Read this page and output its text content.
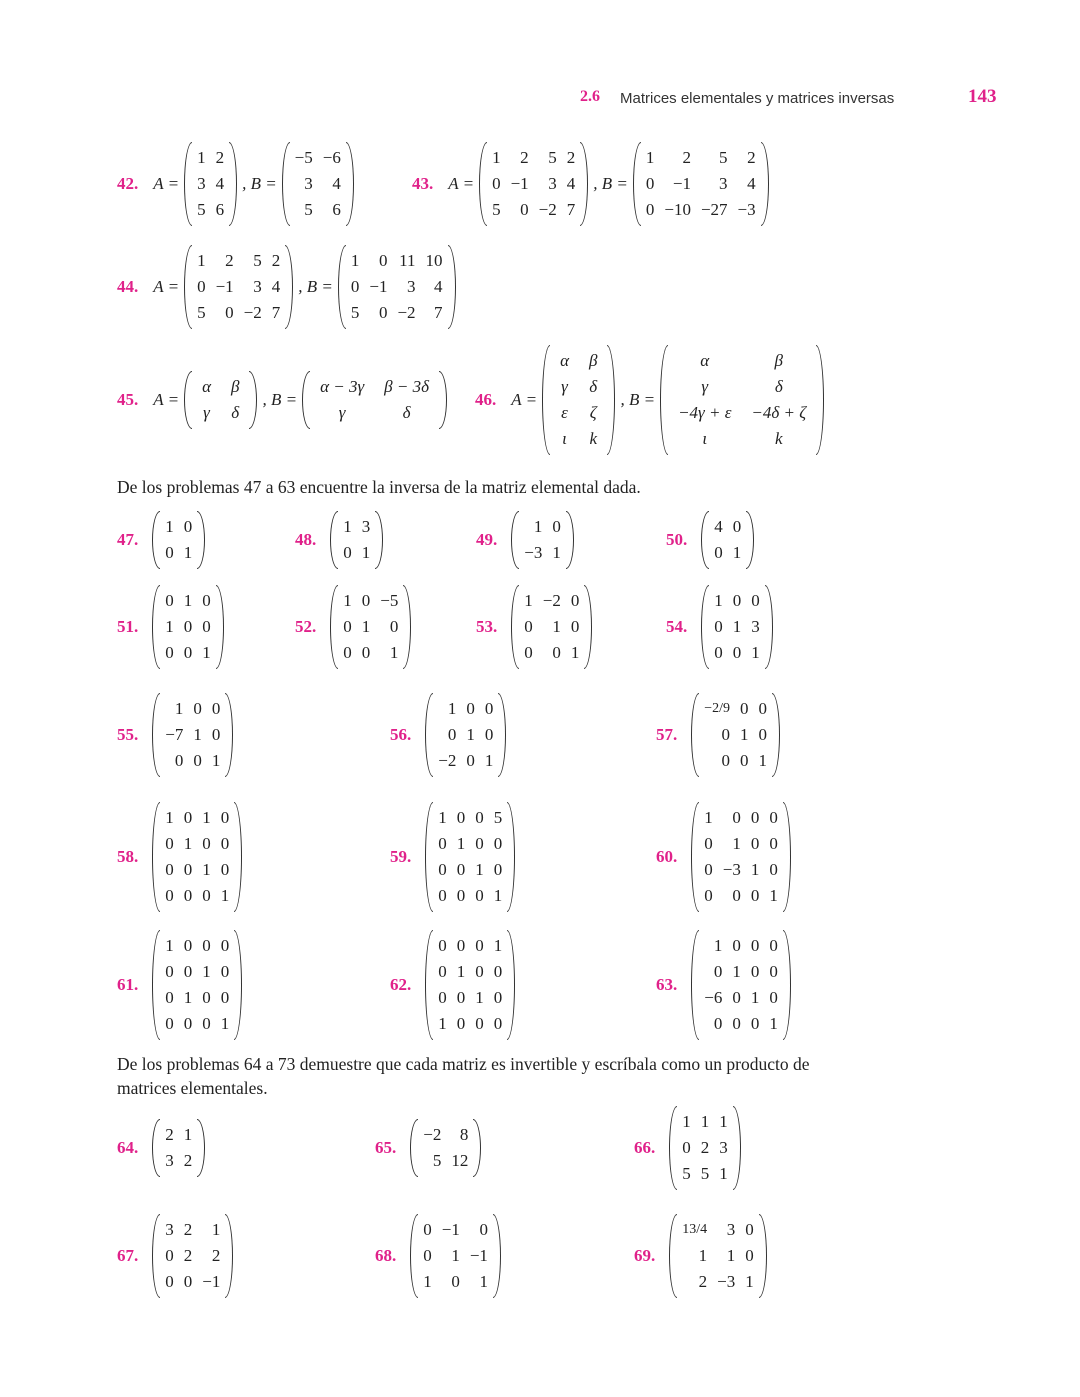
2.6 Matrices elementales y matrices inversas	143
De los problemas 47 a 63 encuentre la inversa de la matriz elemental dada.
De los problemas 64 a 73 demuestre que cada matriz es invertible y escríbala como un producto de matrices elementales.
42. A =
1	2
3	4
5	6
, B =
−5	−6
3	4
5	6
43. A =
1	2	5	2
0	−1	3	4
5	0	−2	7
, B =
1	2	5	2
0	−1	3	4
0	−10	−27	−3
44. A =
1	2	5	2
0	−1	3	4
5	0	−2	7
, B =
1	0	11	10
0	−1	3	4
5	0	−2	7
45. A =
α	β
γ	δ
, B =
α − 3γ	β − 3δ
γ	δ
46. A =
α	β
γ	δ
ε	ζ
ι	k
, B =
α	β
γ	δ
−4γ + ε	−4δ + ζ
ι	k
47.
1	0
0	1
48.
1	3
0	1
49.
1	0
−3	1
50.
4	0
0	1
51.
0	1	0
1	0	0
0	0	1
52.
1	0	−5
0	1	0
0	0	1
53.
1	−2	0
0	1	0
0	0	1
54.
1	0	0
0	1	3
0	0	1
55.
1	0	0
−7	1	0
0	0	1
56.
1	0	0
0	1	0
−2	0	1
57.
−2/9	0	0
0	1	0
0	0	1
58.
1	0	1	0
0	1	0	0
0	0	1	0
0	0	0	1
59.
1	0	0	5
0	1	0	0
0	0	1	0
0	0	0	1
60.
1	0	0	0
0	1	0	0
0	−3	1	0
0	0	0	1
61.
1	0	0	0
0	0	1	0
0	1	0	0
0	0	0	1
62.
0	0	0	1
0	1	0	0
0	0	1	0
1	0	0	0
63.
1	0	0	0
0	1	0	0
−6	0	1	0
0	0	0	1
64.
2	1
3	2
65.
−2	8
5	12
66.
1	1	1
0	2	3
5	5	1
67.
3	2	1
0	2	2
0	0	−1
68.
0	−1	0
0	1	−1
1	0	1
69.
13/4	3	0
1	1	0
2	−3	1
